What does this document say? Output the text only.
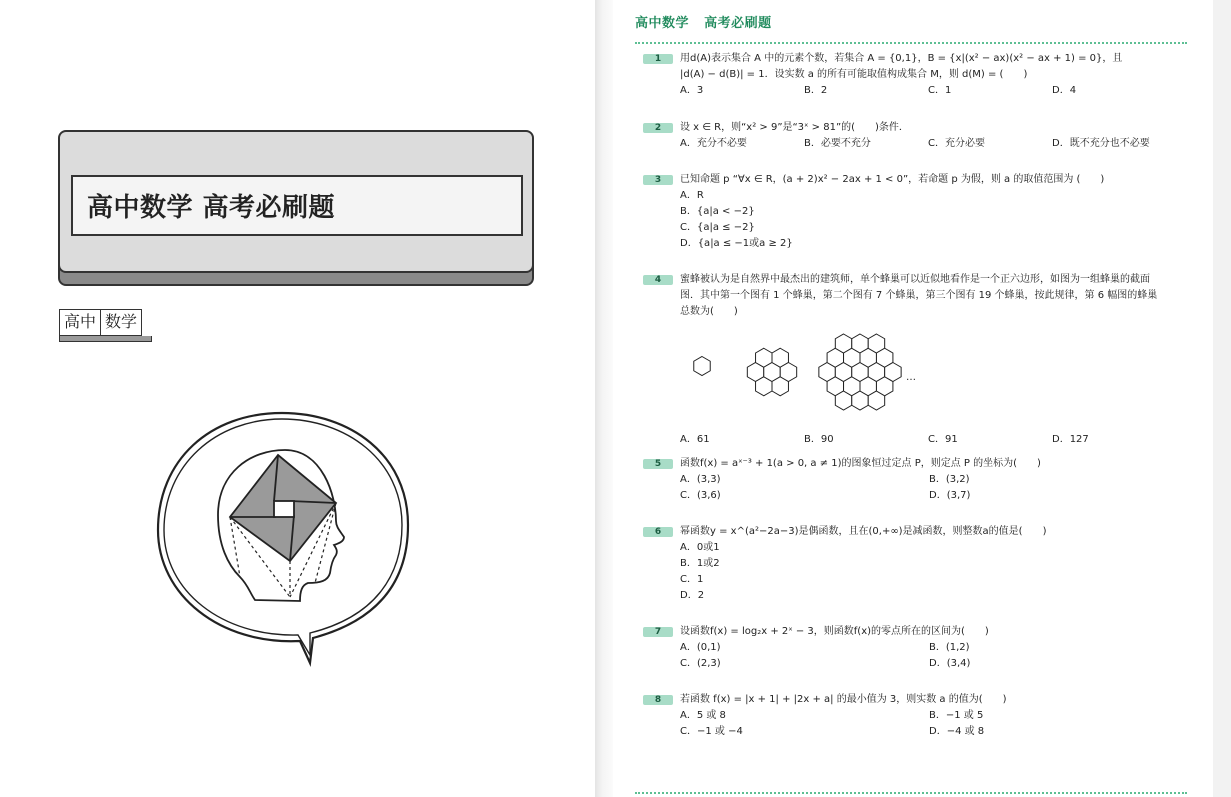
高中数学 高考必刷题
高中 数学
高中数学   高考必刷题
1	用d(A)表示集合 A 中的元素个数，若集合 A = {0,1}，B = {x|(x² − ax)(x² − ax + 1) = 0}，且
|d(A) − d(B)| = 1．设实数 a 的所有可能取值构成集合 M，则 d(M) = (　　)
A．3	B．2	C．1	D．4
2	设 x ∈ R，则“x² > 9”是“3ˣ > 81”的(　　)条件．
A．充分不必要	B．必要不充分	C．充分必要	D．既不充分也不必要
3	已知命题 p “∀x ∈ R，(a + 2)x² − 2ax + 1 < 0”，若命题 p 为假，则 a 的取值范围为 (　　)
A．R
B．{a|a < −2}
C．{a|a ≤ −2}
D．{a|a ≤ −1或a ≥ 2}
4	蜜蜂被认为是自然界中最杰出的建筑师，单个蜂巢可以近似地看作是一个正六边形，如图为一组蜂巢的截面
图．其中第一个图有 1 个蜂巢，第二个图有 7 个蜂巢，第三个图有 19 个蜂巢，按此规律，第 6 幅图的蜂巢
总数为(　　)
…
A．61	B．90	C．91	D．127
5	函数f(x) = aˣ⁻³ + 1(a > 0, a ≠ 1)的图象恒过定点 P，则定点 P 的坐标为(　　)
A．(3,3)	B．(3,2)
C．(3,6)	D．(3,7)
6	幂函数y = x^(a²−2a−3)是偶函数，且在(0,+∞)是减函数，则整数a的值是(　　)
A．0或1
B．1或2
C．1
D．2
7	设函数f(x) = log₂x + 2ˣ − 3，则函数f(x)的零点所在的区间为(　　)
A．(0,1)	B．(1,2)
C．(2,3)	D．(3,4)
8	若函数 f(x) = |x + 1| + |2x + a| 的最小值为 3，则实数 a 的值为(　　)
A．5 或 8	B．−1 或 5
C．−1 或 −4	D．−4 或 8
